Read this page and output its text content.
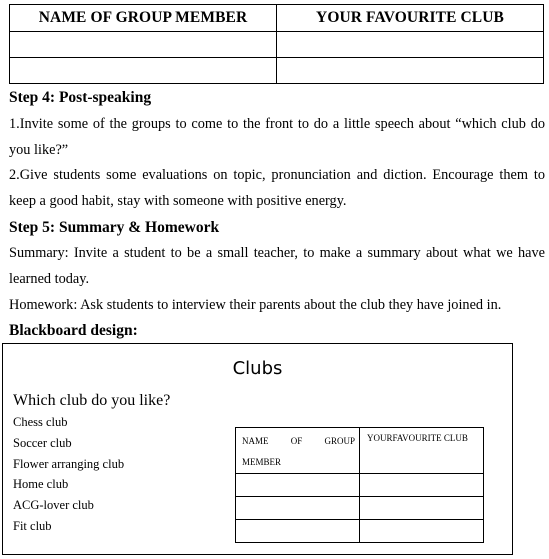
NAME OF GROUP MEMBER	YOUR FAVOURITE CLUB

Step 4: Post-speaking
1.Invite some of the groups to come to the front to do a little speech about “which club do you like?”
2.Give students some evaluations on topic, pronunciation and diction. Encourage them to keep a good habit, stay with someone with positive energy.
Step 5: Summary & Homework
Summary: Invite a student to be a small teacher, to make a summary about what we have learned today.
Homework: Ask students to interview their parents about the club they have joined in.
Blackboard design:
Clubs
Which club do you like?
Chess club
Soccer club
Flower arranging club
Home club
ACG-lover club
Fit club
NAME OF GROUP
MEMBER	YOURFAVOURITE CLUB
